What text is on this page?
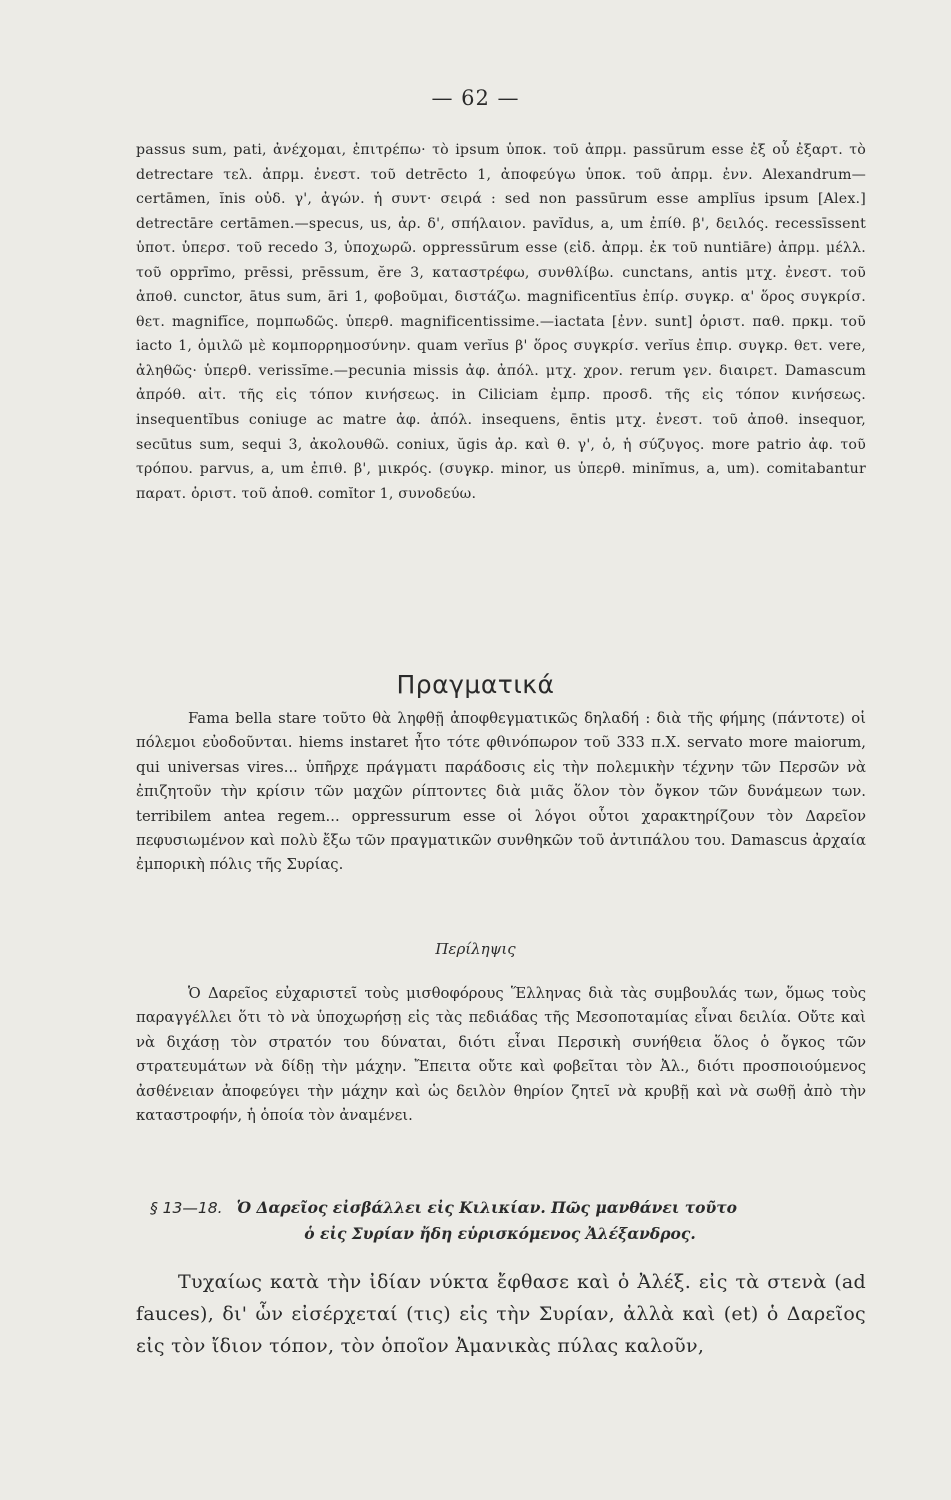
— 62 —

passus sum, pati, ἀνέχομαι, ἐπιτρέπω· τὸ ipsum ὑποκ. τοῦ ἀπρμ. passūrum esse ἐξ οὗ ἐξαρτ. τὸ detrectare τελ. ἀπρμ. ἐνεστ. τοῦ detrēcto 1, ἀποφεύγω ὑποκ. τοῦ ἀπρμ. ἐνν. Alexandrum—certāmen, ĭnis οὐδ. γ', ἀγών. ἡ συντ· σειρά : sed non passūrum esse amplĭus ipsum [Alex.] detrectāre certāmen.—specus, us, ἀρ. δ', σπήλαιον. pavĭdus, a, um ἐπίθ. β', δειλός. recessīssent ὑποτ. ὑπερσ. τοῦ recedo 3, ὑποχωρῶ. oppressūrum esse (εἰδ. ἀπρμ. ἐκ τοῦ nuntiāre) ἀπρμ. μέλλ. τοῦ opprīmo, prēssi, prēssum, ĕre 3, καταστρέφω, συνθλίβω. cunctans, antis μτχ. ἐνεστ. τοῦ ἀποθ. cunctor, ātus sum, āri 1, φοβοῦμαι, διστάζω. magnificentĭus ἐπίρ. συγκρ. α' ὅρος συγκρίσ. θετ. magnifĭce, πομπωδῶς. ὑπερθ. magnificentissime.—iactata [ἐνν. sunt] ὁριστ. παθ. πρκμ. τοῦ iacto 1, ὁμιλῶ μὲ κομπορρημοσύνην. quam verĭus β' ὅρος συγκρίσ. verĭus ἐπιρ. συγκρ. θετ. vere, ἀληθῶς· ὑπερθ. verissĭme.—pecunia missis ἀφ. ἀπόλ. μτχ. χρον. rerum γεν. διαιρετ. Damascum ἀπρόθ. αἰτ. τῆς εἰς τόπον κινήσεως. in Ciliciam ἐμπρ. προσδ. τῆς εἰς τόπον κινήσεως. insequentĭbus coniuge ac matre ἀφ. ἀπόλ. insequens, ēntis μτχ. ἐνεστ. τοῦ ἀποθ. insequor, secūtus sum, sequi 3, ἀκολουθῶ. coniux, ŭgis ἀρ. καὶ θ. γ', ὁ, ἡ σύζυγος. more patrio ἀφ. τοῦ τρόπου. parvus, a, um ἐπιθ. β', μικρός. (συγκρ. minor, us ὑπερθ. minĭmus, a, um). comitabantur παρατ. ὁριστ. τοῦ ἀποθ. comĭtor 1, συνοδεύω.

Πραγματικά

Fama bella stare τοῦτο θὰ ληφθῇ ἀποφθεγματικῶς δηλαδή : διὰ τῆς φήμης (πάντοτε) οἱ πόλεμοι εὐοδοῦνται. hiems instaret ἦτο τότε φθινόπωρον τοῦ 333 π.Χ. servato more maiorum, qui universas vires... ὑπῆρχε πράγματι παράδοσις εἰς τὴν πολεμικὴν τέχνην τῶν Περσῶν νὰ ἐπιζητοῦν τὴν κρίσιν τῶν μαχῶν ρίπτοντες διὰ μιᾶς ὅλον τὸν ὄγκον τῶν δυνάμεων των. terribilem antea regem... oppressurum esse οἱ λόγοι οὗτοι χαρακτηρίζουν τὸν Δαρεῖον πεφυσιωμένον καὶ πολὺ ἔξω τῶν πραγματικῶν συνθηκῶν τοῦ ἀντιπάλου του. Damascus ἀρχαία ἐμπορικὴ πόλις τῆς Συρίας.

Περίληψις

Ὁ Δαρεῖος εὐχαριστεῖ τοὺς μισθοφόρους Ἕλληνας διὰ τὰς συμβουλάς των, ὅμως τοὺς παραγγέλλει ὅτι τὸ νὰ ὑποχωρήσῃ εἰς τὰς πεδιάδας τῆς Μεσοποταμίας εἶναι δειλία. Οὔτε καὶ νὰ διχάσῃ τὸν στρατόν του δύναται, διότι εἶναι Περσικὴ συνήθεια ὅλος ὁ ὄγκος τῶν στρατευμάτων νὰ δίδῃ τὴν μάχην. Ἔπειτα οὔτε καὶ φοβεῖται τὸν Ἀλ., διότι προσποιούμενος ἀσθένειαν ἀποφεύγει τὴν μάχην καὶ ὡς δειλὸν θηρίον ζητεῖ νὰ κρυβῇ καὶ νὰ σωθῇ ἀπὸ τὴν καταστροφήν, ἡ ὁποία τὸν ἀναμένει.

§ 13—18. Ὁ Δαρεῖος εἰσβάλλει εἰς Κιλικίαν. Πῶς μανθάνει τοῦτο
ὁ εἰς Συρίαν ἤδη εὑρισκόμενος Ἀλέξανδρος.

Τυχαίως κατὰ τὴν ἰδίαν νύκτα ἔφθασε καὶ ὁ Ἀλέξ. εἰς τὰ στενὰ (ad fauces), δι' ὧν εἰσέρχεταί (τις) εἰς τὴν Συρίαν, ἀλλὰ καὶ (et) ὁ Δαρεῖος εἰς τὸν ἴδιον τόπον, τὸν ὁποῖον Ἀμανικὰς πύλας καλοῦν,
